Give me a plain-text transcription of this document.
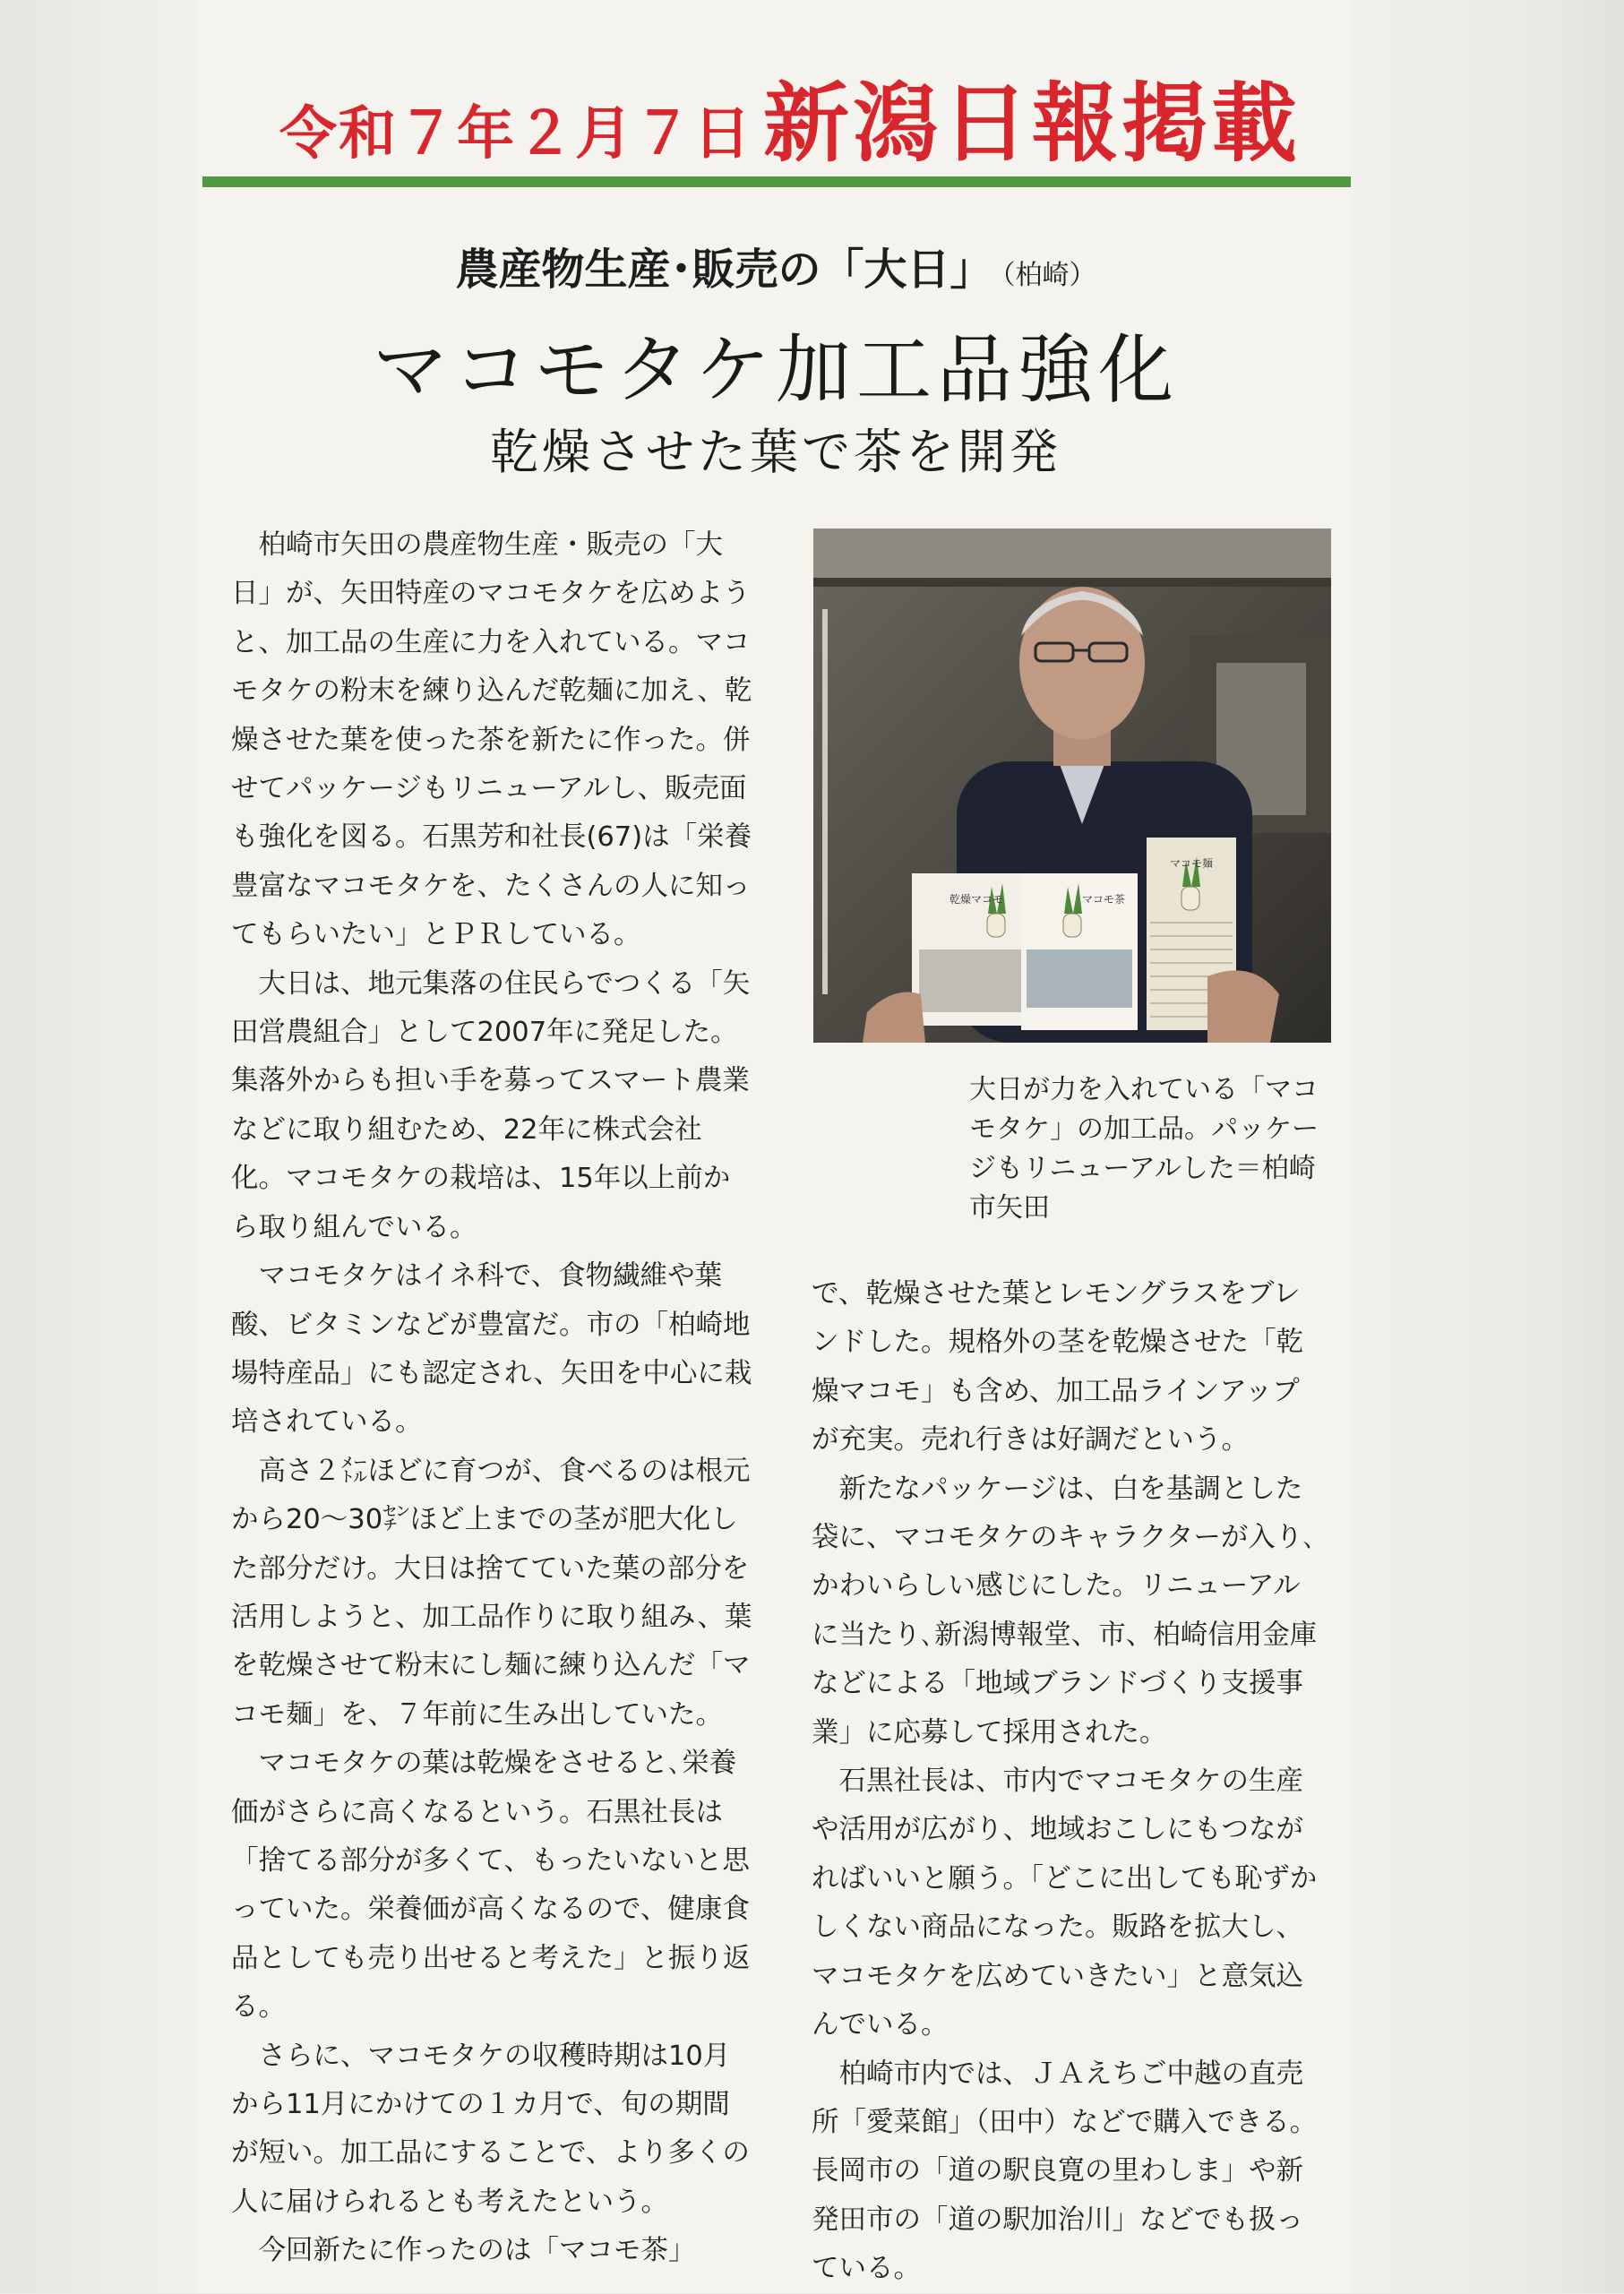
令和７年２月７日 新潟日報掲載
農産物生産･販売の「大日」 （柏崎）
マコモタケ加工品強化
乾燥させた葉で茶を開発

柏崎市矢田の農産物生産・販売の「大日」が、矢田特産のマコモタケを広めようと、加工品の生産に力を入れている。マコモタケの粉末を練り込んだ乾麺に加え、乾燥させた葉を使った茶を新たに作った。併せてパッケージもリニューアルし、販売面も強化を図る。石黒芳和社長(67)は「栄養豊富なマコモタケを、たくさんの人に知ってもらいたい」とＰＲしている。

大日は、地元集落の住民らでつくる「矢田営農組合」として2007年に発足した。集落外からも担い手を募ってスマート農業などに取り組むため、22年に株式会社化。マコモタケの栽培は、15年以上前から取り組んでいる。

マコモタケはイネ科で、食物繊維や葉酸、ビタミンなどが豊富だ。市の「柏崎地場特産品」にも認定され、矢田を中心に栽培されている。

高さ２㍍ほどに育つが、食べるのは根元から20～30㌢ほど上までの茎が肥大化した部分だけ。大日は捨てていた葉の部分を活用しようと、加工品作りに取り組み、葉を乾燥させて粉末にし麺に練り込んだ「マコモ麺」を、７年前に生み出していた。

マコモタケの葉は乾燥をさせると､栄養価がさらに高くなるという。石黒社長は「捨てる部分が多くて、もったいないと思っていた。栄養価が高くなるので、健康食品としても売り出せると考えた」と振り返る。

さらに、マコモタケの収穫時期は10月から11月にかけての１カ月で、旬の期間が短い。加工品にすることで、より多くの人に届けられるとも考えたという。

今回新たに作ったのは「マコモ茶」

乾燥マコモ	マコモ茶
マコモ麺
大日が力を入れている「マコモタケ」の加工品。パッケージもリニューアルした＝柏崎市矢田

で、乾燥させた葉とレモングラスをブレンドした。規格外の茎を乾燥させた「乾燥マコモ」も含め、加工品ラインアップが充実。売れ行きは好調だという。

新たなパッケージは、白を基調とした袋に、マコモタケのキャラクターが入り､かわいらしい感じにした。リニューアルに当たり､新潟博報堂、市、柏崎信用金庫などによる「地域ブランドづくり支援事業」に応募して採用された。

石黒社長は、市内でマコモタケの生産や活用が広がり、地域おこしにもつながればいいと願う。「どこに出しても恥ずかしくない商品になった。販路を拡大し、マコモタケを広めていきたい」と意気込んでいる。

柏崎市内では、ＪＡえちご中越の直売所「愛菜館」（田中）などで購入できる。長岡市の「道の駅良寛の里わしま」や新発田市の「道の駅加治川」などでも扱っている。
